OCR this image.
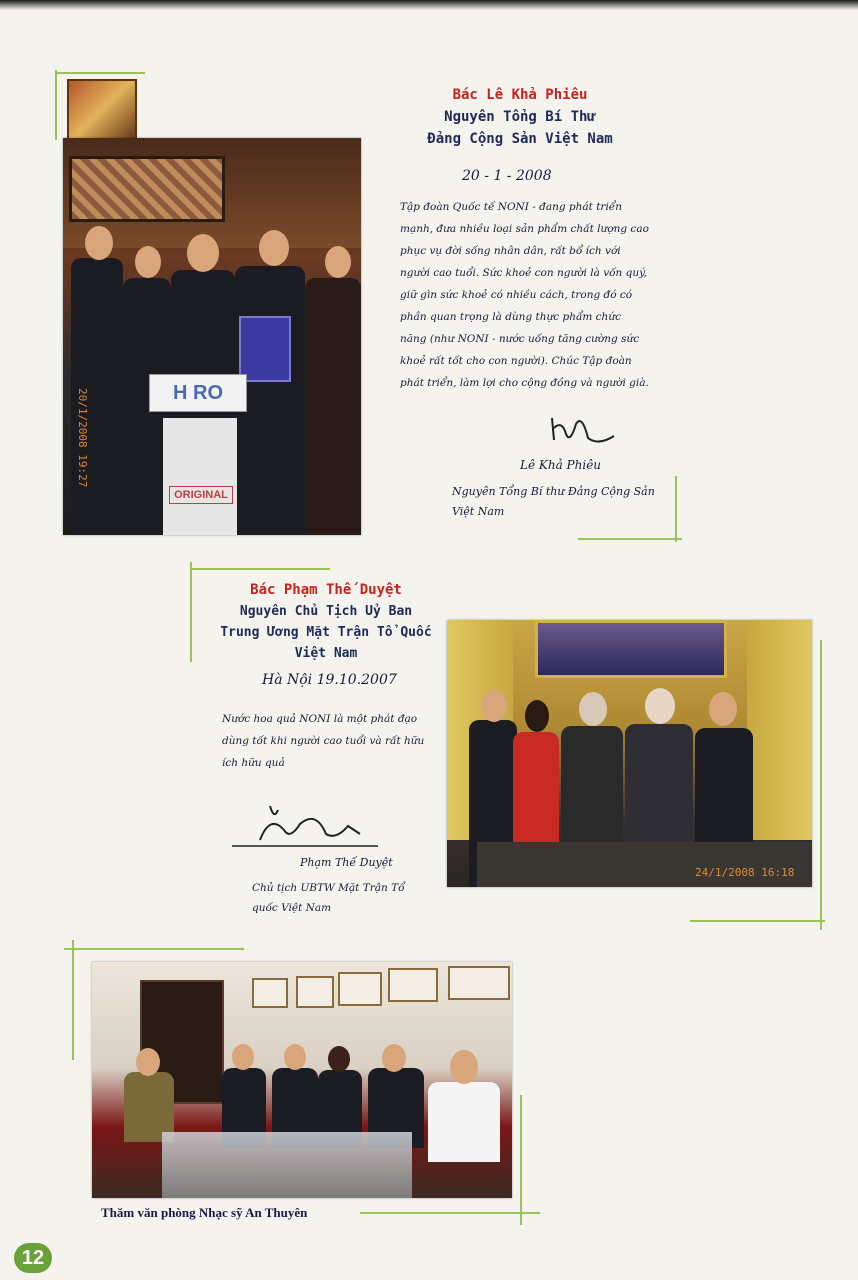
H RO
ORIGINAL
20/1/2008 19:27
Bác Lê Khả Phiêu
Nguyên Tổng Bí Thư
Đảng Cộng Sản Việt Nam
20 - 1 - 2008
Tập đoàn Quốc tế NONI - đang phát triển mạnh, đưa nhiều loại sản phẩm chất lượng cao phục vụ đời sống nhân dân, rất bổ ích với người cao tuổi. Sức khoẻ con người là vốn quý, giữ gìn sức khoẻ có nhiều cách, trong đó có phần quan trọng là dùng thực phẩm chức năng (như NONI - nước uống tăng cường sức khoẻ rất tốt cho con người). Chúc Tập đoàn phát triển, làm lợi cho cộng đồng và người già.
Lê Khả Phiêu
Nguyên Tổng Bí thư Đảng Cộng Sản Việt Nam
Bác Phạm Thế Duyệt
Nguyên Chủ Tịch Uỷ Ban
Trung Ương Mặt Trận Tổ Quốc
Việt Nam
Hà Nội 19.10.2007
Nước hoa quả NONI là một phát đạo dùng tốt khi người cao tuổi và rất hữu ích hữu quả
Phạm Thế Duyệt
Chủ tịch UBTW Mặt Trận Tổ quốc Việt Nam
24/1/2008 16:18
Thăm văn phòng Nhạc sỹ An Thuyên
12
